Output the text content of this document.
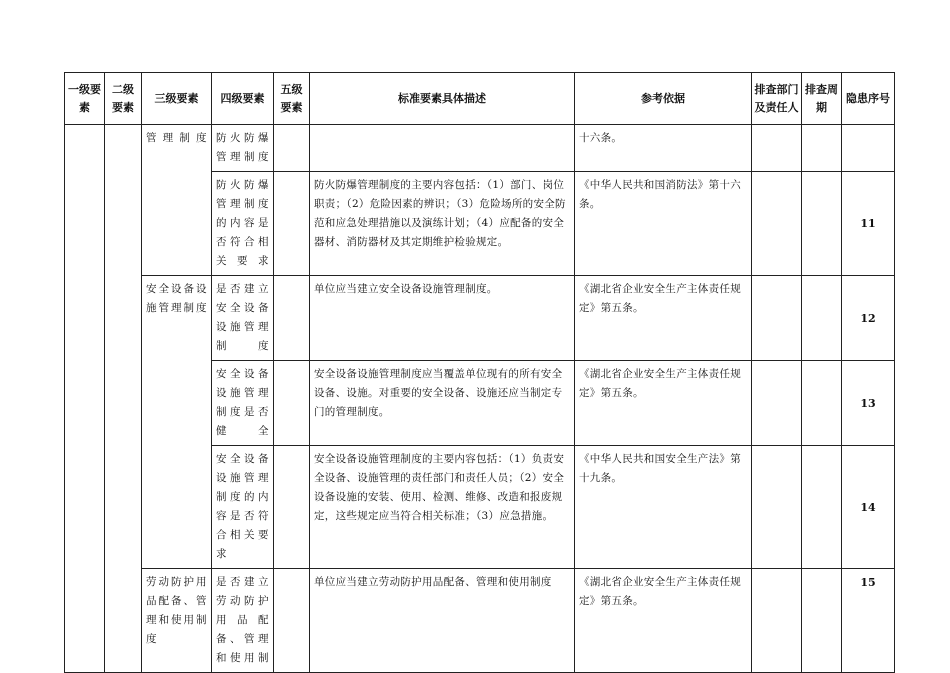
一级要素	二级要素	三级要素	四级要素	五级要素	标准要素具体描述	参考依据	排查部门及责任人	排查周期	隐患序号
		管理制度	防火防爆管理制度			十六条。			
			防火防爆管理制度的内容是否符合相关要求		防火防爆管理制度的主要内容包括：（1）部门、岗位职责；（2）危险因素的辨识；（3）危险场所的安全防范和应急处理措施以及演练计划；（4）应配备的安全器材、消防器材及其定期维护检验规定。	《中华人民共和国消防法》第十六条。			11
		安全设备设施管理制度	是否建立安全设备设施管理制度		单位应当建立安全设备设施管理制度。	《湖北省企业安全生产主体责任规定》第五条。			12
			安全设备设施管理制度是否健全		安全设备设施管理制度应当覆盖单位现有的所有安全设备、设施。对重要的安全设备、设施还应当制定专门的管理制度。	《湖北省企业安全生产主体责任规定》第五条。			13
			安全设备设施管理制度的内容是否符合相关要求		安全设备设施管理制度的主要内容包括：（1）负责安全设备、设施管理的责任部门和责任人员；（2）安全设备设施的安装、使用、检测、维修、改造和报废规定，这些规定应当符合相关标准；（3）应急措施。	《中华人民共和国安全生产法》第十九条。			14
		劳动防护用品配备、管理和使用制度	是否建立劳动防护用品配备、管理和使用制		单位应当建立劳动防护用品配备、管理和使用制度	《湖北省企业安全生产主体责任规定》第五条。			15
